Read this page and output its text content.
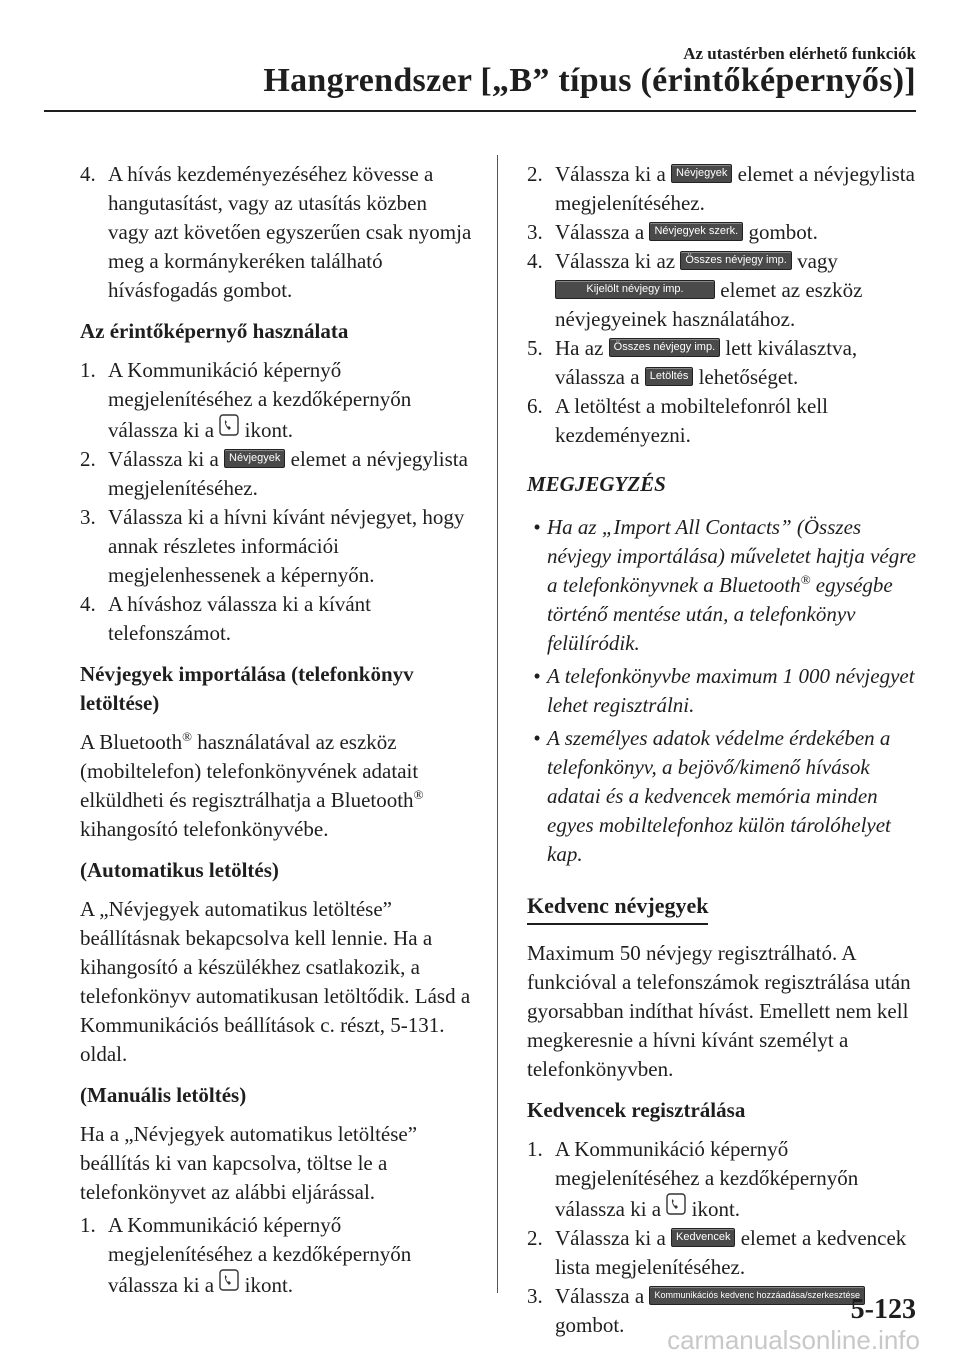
Az utastérben elérhető funkciók
Hangrendszer [„B” típus (érintőképernyős)]
4. A hívás kezdeményezéséhez kövesse a hangutasítást, vagy az utasítás közben vagy azt követően egyszerűen csak nyomja meg a kormánykeréken található hívásfogadás gombot.
Az érintőképernyő használata
1. A Kommunikáció képernyő megjelenítéséhez a kezdőképernyőn válassza ki a ikont.
2. Válassza ki a Névjegyek elemet a névjegylista megjelenítéséhez.
3. Válassza ki a hívni kívánt névjegyet, hogy annak részletes információi megjelenhessenek a képernyőn.
4. A híváshoz válassza ki a kívánt telefonszámot.
Névjegyek importálása (telefonkönyv letöltése)

A Bluetooth® használatával az eszköz (mobiltelefon) telefonkönyvének adatait elküldheti és regisztrálhatja a Bluetooth® kihangosító telefonkönyvébe.

(Automatikus letöltés)

A „Névjegyek automatikus letöltése” beállításnak bekapcsolva kell lennie. Ha a kihangosító a készülékhez csatlakozik, a telefonkönyv automatikusan letöltődik. Lásd a Kommunikációs beállítások c. részt, 5-131. oldal.

(Manuális letöltés)

Ha a „Névjegyek automatikus letöltése” beállítás ki van kapcsolva, töltse le a telefonkönyvet az alábbi eljárással.

1. A Kommunikáció képernyő megjelenítéséhez a kezdőképernyőn válassza ki a ikont.
2. Válassza ki a Névjegyek elemet a névjegylista megjelenítéséhez.
3. Válassza a Névjegyek szerk. gombot.
4. Válassza ki az Összes névjegy imp. vagy
Kijelölt névjegy imp. elemet az eszköz névjegyeinek használatához.
5. Ha az Összes névjegy imp. lett kiválasztva, válassza a Letöltés lehetőséget.
6. A letöltést a mobiltelefonról kell kezdeményezni.
MEGJEGYZÉS
• Ha az „Import All Contacts” (Összes névjegy importálása) műveletet hajtja végre a telefonkönyvnek a Bluetooth® egységbe történő mentése után, a telefonkönyv felülíródik.
• A telefonkönyvbe maximum 1 000 névjegyet lehet regisztrálni.
• A személyes adatok védelme érdekében a telefonkönyv, a bejövő/kimenő hívások adatai és a kedvencek memória minden egyes mobiltelefonhoz külön tárolóhelyet kap.
Kedvenc névjegyek

Maximum 50 névjegy regisztrálható. A funkcióval a telefonszámok regisztrálása után gyorsabban indíthat hívást. Emellett nem kell megkeresnie a hívni kívánt személyt a telefonkönyvben.

Kedvencek regisztrálása
1. A Kommunikáció képernyő megjelenítéséhez a kezdőképernyőn válassza ki a ikont.
2. Válassza ki a Kedvencek elemet a kedvencek lista megjelenítéséhez.
3. Válassza a Kommunikációs kedvenc hozzáadása/szerkesztése
gombot.	5-123
carmanualsonline.info
